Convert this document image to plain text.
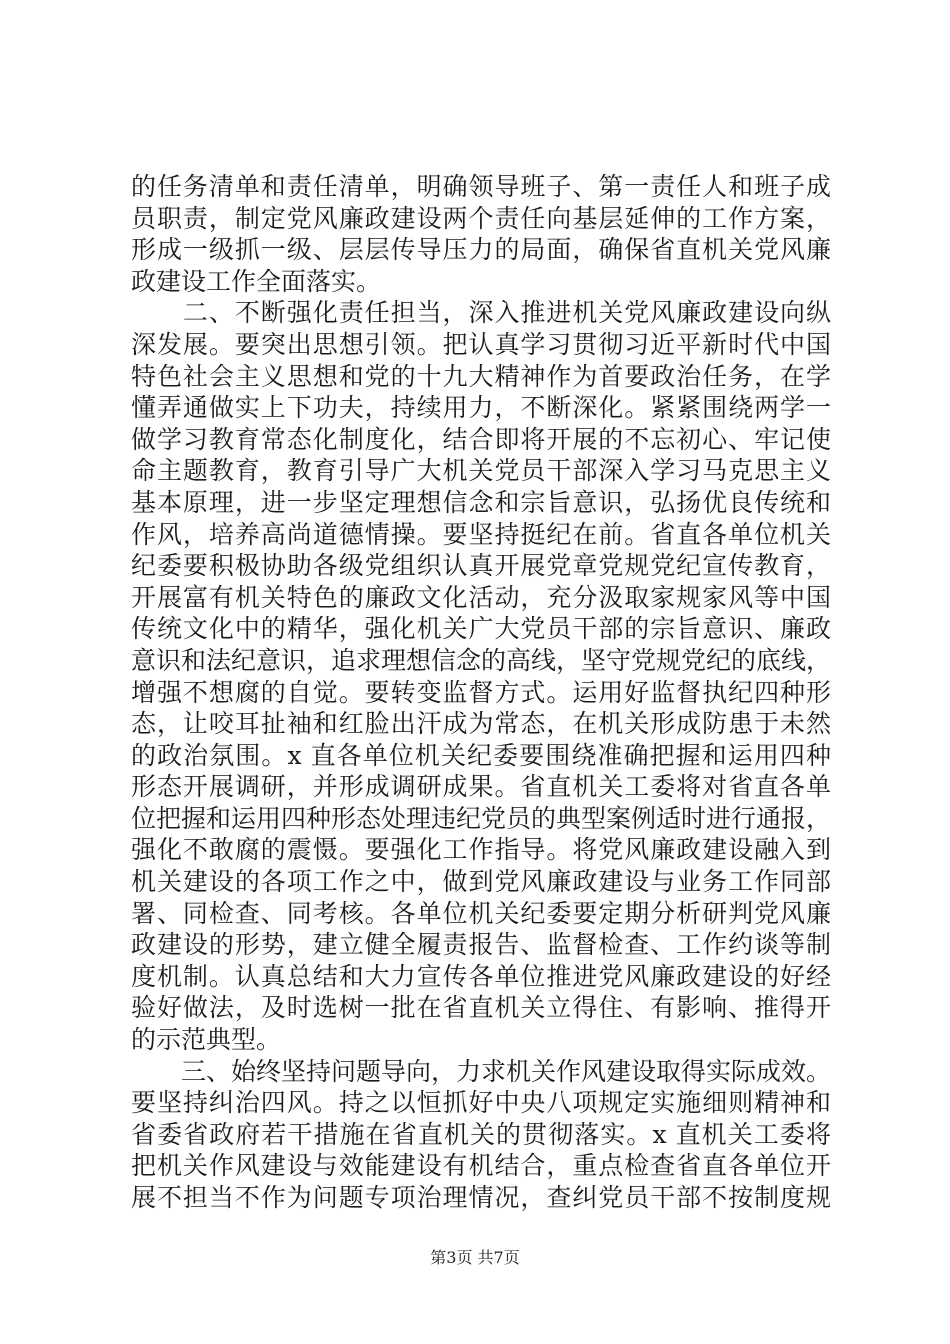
的任务清单和责任清单，明确领导班子、第一责任人和班子成
员职责，制定党风廉政建设两个责任向基层延伸的工作方案，
形成一级抓一级、层层传导压力的局面，确保省直机关党风廉
政建设工作全面落实。
　　二、不断强化责任担当，深入推进机关党风廉政建设向纵
深发展。要突出思想引领。把认真学习贯彻习近平新时代中国
特色社会主义思想和党的十九大精神作为首要政治任务，在学
懂弄通做实上下功夫，持续用力，不断深化。紧紧围绕两学一
做学习教育常态化制度化，结合即将开展的不忘初心、牢记使
命主题教育，教育引导广大机关党员干部深入学习马克思主义
基本原理，进一步坚定理想信念和宗旨意识，弘扬优良传统和
作风，培养高尚道德情操。要坚持挺纪在前。省直各单位机关
纪委要积极协助各级党组织认真开展党章党规党纪宣传教育，
开展富有机关特色的廉政文化活动，充分汲取家规家风等中国
传统文化中的精华，强化机关广大党员干部的宗旨意识、廉政
意识和法纪意识，追求理想信念的高线，坚守党规党纪的底线，
增强不想腐的自觉。要转变监督方式。运用好监督执纪四种形
态，让咬耳扯袖和红脸出汗成为常态，在机关形成防患于未然
的政治氛围。x 直各单位机关纪委要围绕准确把握和运用四种
形态开展调研，并形成调研成果。省直机关工委将对省直各单
位把握和运用四种形态处理违纪党员的典型案例适时进行通报，
强化不敢腐的震慑。要强化工作指导。将党风廉政建设融入到
机关建设的各项工作之中，做到党风廉政建设与业务工作同部
署、同检查、同考核。各单位机关纪委要定期分析研判党风廉
政建设的形势，建立健全履责报告、监督检查、工作约谈等制
度机制。认真总结和大力宣传各单位推进党风廉政建设的好经
验好做法，及时选树一批在省直机关立得住、有影响、推得开
的示范典型。
　　三、始终坚持问题导向，力求机关作风建设取得实际成效。
要坚持纠治四风。持之以恒抓好中央八项规定实施细则精神和
省委省政府若干措施在省直机关的贯彻落实。x 直机关工委将
把机关作风建设与效能建设有机结合，重点检查省直各单位开
展不担当不作为问题专项治理情况，查纠党员干部不按制度规
第3页 共7页
